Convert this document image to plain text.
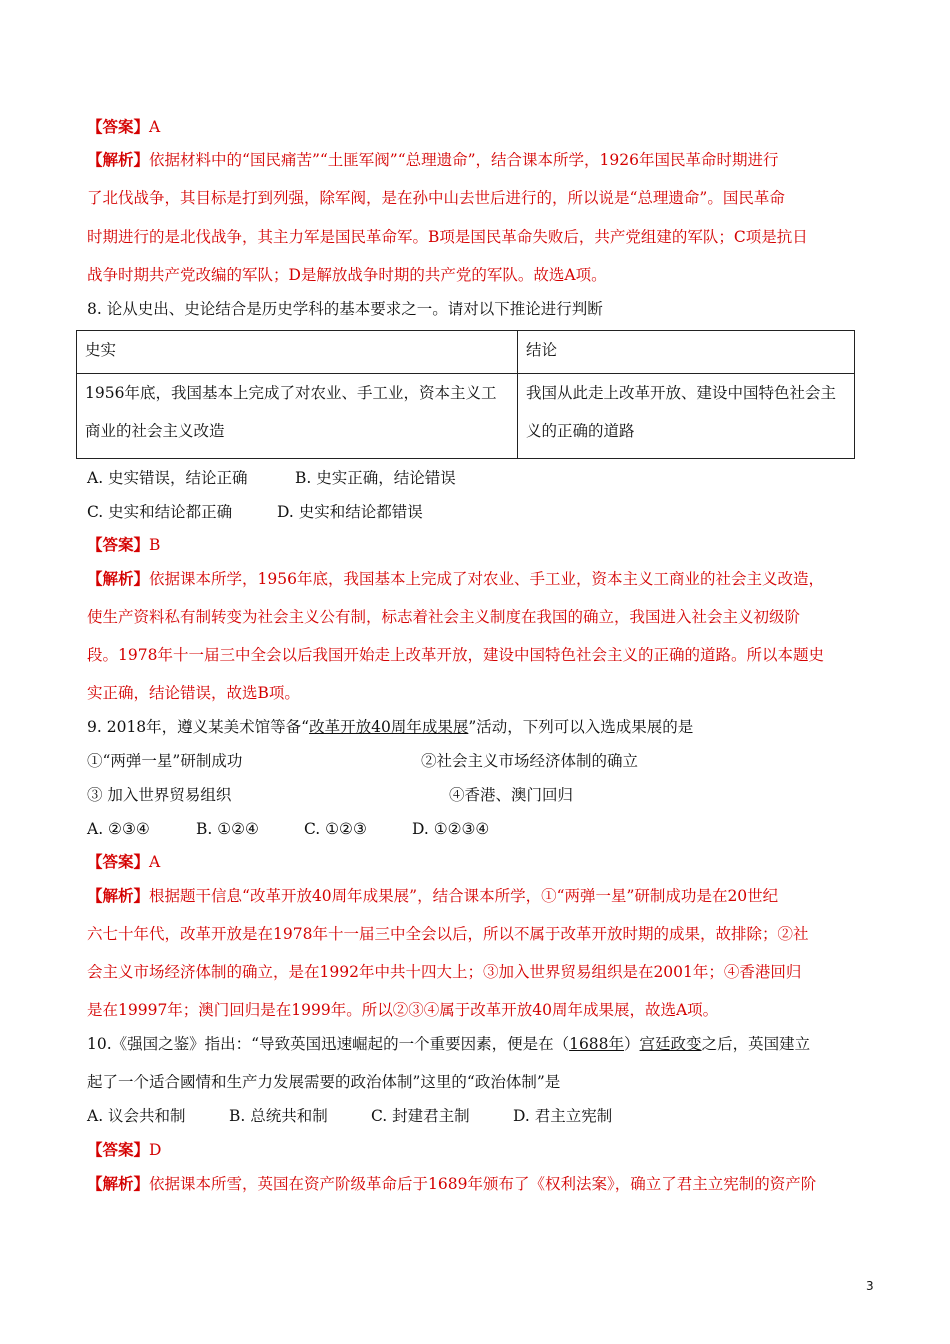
【答案】A
【解析】依据材料中的“国民痛苦”“土匪军阀”“总理遗命”，结合课本所学，1926年国民革命时期进行
了北伐战争，其目标是打到列强，除军阀，是在孙中山去世后进行的，所以说是“总理遗命”。国民革命
时期进行的是北伐战争，其主力军是国民革命军。B项是国民革命失败后，共产党组建的军队；C项是抗日
战争时期共产党改编的军队；D是解放战争时期的共产党的军队。故选A项。
8. 论从史出、史论结合是历史学科的基本要求之一。请对以下推论进行判断
史实	结论
1956年底，我国基本上完成了对农业、手工业，资本主义工商业的社会主义改造	我国从此走上改革开放、建设中国特色社会主义的正确的道路
A. 史实错误，结论正确	B. 史实正确，结论错误
C. 史实和结论都正确	D. 史实和结论都错误
【答案】B
【解析】依据课本所学，1956年底，我国基本上完成了对农业、手工业，资本主义工商业的社会主义改造，
使生产资料私有制转变为社会主义公有制，标志着社会主义制度在我国的确立，我国进入社会主义初级阶
段。1978年十一届三中全会以后我国开始走上改革开放，建设中国特色社会主义的正确的道路。所以本题史
实正确，结论错误，故选B项。
9. 2018年，遵义某美术馆等备“改革开放40周年成果展”活动，下列可以入选成果展的是
①“两弹一星”研制成功	②社会主义市场经济体制的确立
③ 加入世界贸易组织	④香港、澳门回归
A. ②③④	B. ①②④	C. ①②③	D. ①②③④
【答案】A
【解析】根据题干信息“改革开放40周年成果展”，结合课本所学，①“两弹一星”研制成功是在20世纪
六七十年代，改革开放是在1978年十一届三中全会以后，所以不属于改革开放时期的成果，故排除；②社
会主义市场经济体制的确立，是在1992年中共十四大上；③加入世界贸易组织是在2001年；④香港回归
是在19997年；澳门回归是在1999年。所以②③④属于改革开放40周年成果展，故选A项。
10.《强国之鉴》指出：“导致英国迅速崛起的一个重要因素，便是在（1688年）宫廷政变之后，英国建立
起了一个适合國情和生产力发展需要的政治体制”这里的“政治体制”是
A. 议会共和制	B. 总统共和制	C. 封建君主制	D. 君主立宪制
【答案】D
【解析】依据课本所雪，英国在资产阶级革命后于1689年颁布了《权利法案》，确立了君主立宪制的资产阶
3
